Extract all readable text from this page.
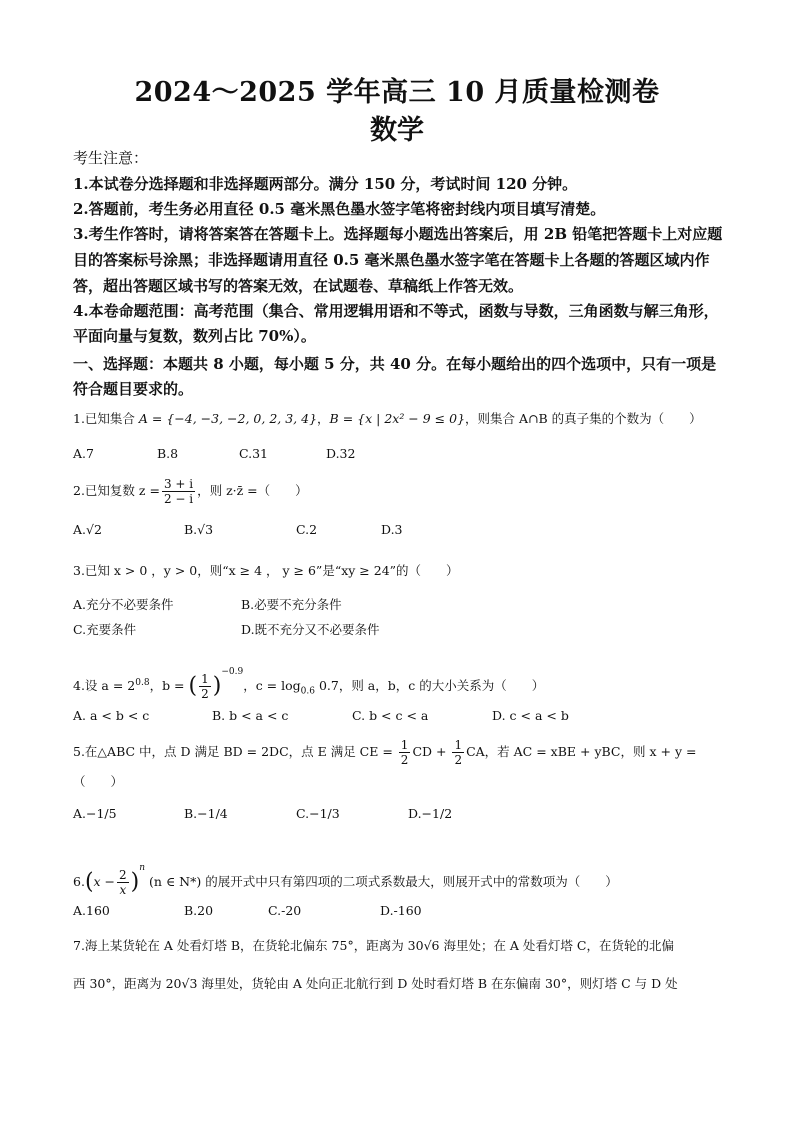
2024～2025 学年高三 10 月质量检测卷
数学
考生注意：
1.本试卷分选择题和非选择题两部分。满分 150 分，考试时间 120 分钟。
2.答题前，考生务必用直径 0.5 毫米黑色墨水签字笔将密封线内项目填写清楚。
3.考生作答时，请将答案答在答题卡上。选择题每小题选出答案后，用 2B 铅笔把答题卡上对应题目的答案标号涂黑；非选择题请用直径 0.5 毫米黑色墨水签字笔在答题卡上各题的答题区域内作答，超出答题区域书写的答案无效，在试题卷、草稿纸上作答无效。
4.本卷命题范围：高考范围（集合、常用逻辑用语和不等式，函数与导数，三角函数与解三角形，平面向量与复数，数列占比 70%）。
一、选择题：本题共 8 小题，每小题 5 分，共 40 分。在每小题给出的四个选项中，只有一项是符合题目要求的。
1.已知集合 A = {−4, −3, −2, 0, 2, 3, 4}，B = {x | 2x² − 9 ≤ 0}，则集合 A∩B 的真子集的个数为（　　）
A.7	B.8	C.31	D.32
2.已知复数 $z = \frac{3 + i}{2 - i}$ ，则 z·z̄ =（　　）
A.√2	B.√3	C.2	D.3
3.已知 x > 0 ，y > 0，则“x ≥ 4 ， y ≥ 6”是“xy ≥ 24”的（　　）
A.充分不必要条件	B.必要不充分条件
C.充要条件	D.既不充分又不必要条件
4.设 $a = 2^{0.8}$，b = ( $\frac{1}{2} )^{-0.9}$，$c = \log_{0.6} 0.7$，则 a，b，c 的大小关系为（　　）
A. a < b < c	B. b < a < c	C. b < c < a	D. c < a < b
5.在△ABC 中，点 D 满足 BD = 2DC，点 E 满足 CE = $\frac{1}{2}$ CD + $\frac{1}{2}$ CA，若 AC = xBE + yBC，则 x + y =
（　　）
A.−1/5	B.−1/4	C.−1/3	D.−1/2
$6.(x - \frac{2}{x} )^n$ (n ∈ N*) 的展开式中只有第四项的二项式系数最大，则展开式中的常数项为（　　）
A.160	B.20	C.-20	D.-160
7.海上某货轮在 A 处看灯塔 B，在货轮北偏东 75°，距离为 30√6 海里处；在 A 处看灯塔 C，在货轮的北偏
西 30°，距离为 20√3 海里处，货轮由 A 处向正北航行到 D 处时看灯塔 B 在东偏南 30°，则灯塔 C 与 D 处
